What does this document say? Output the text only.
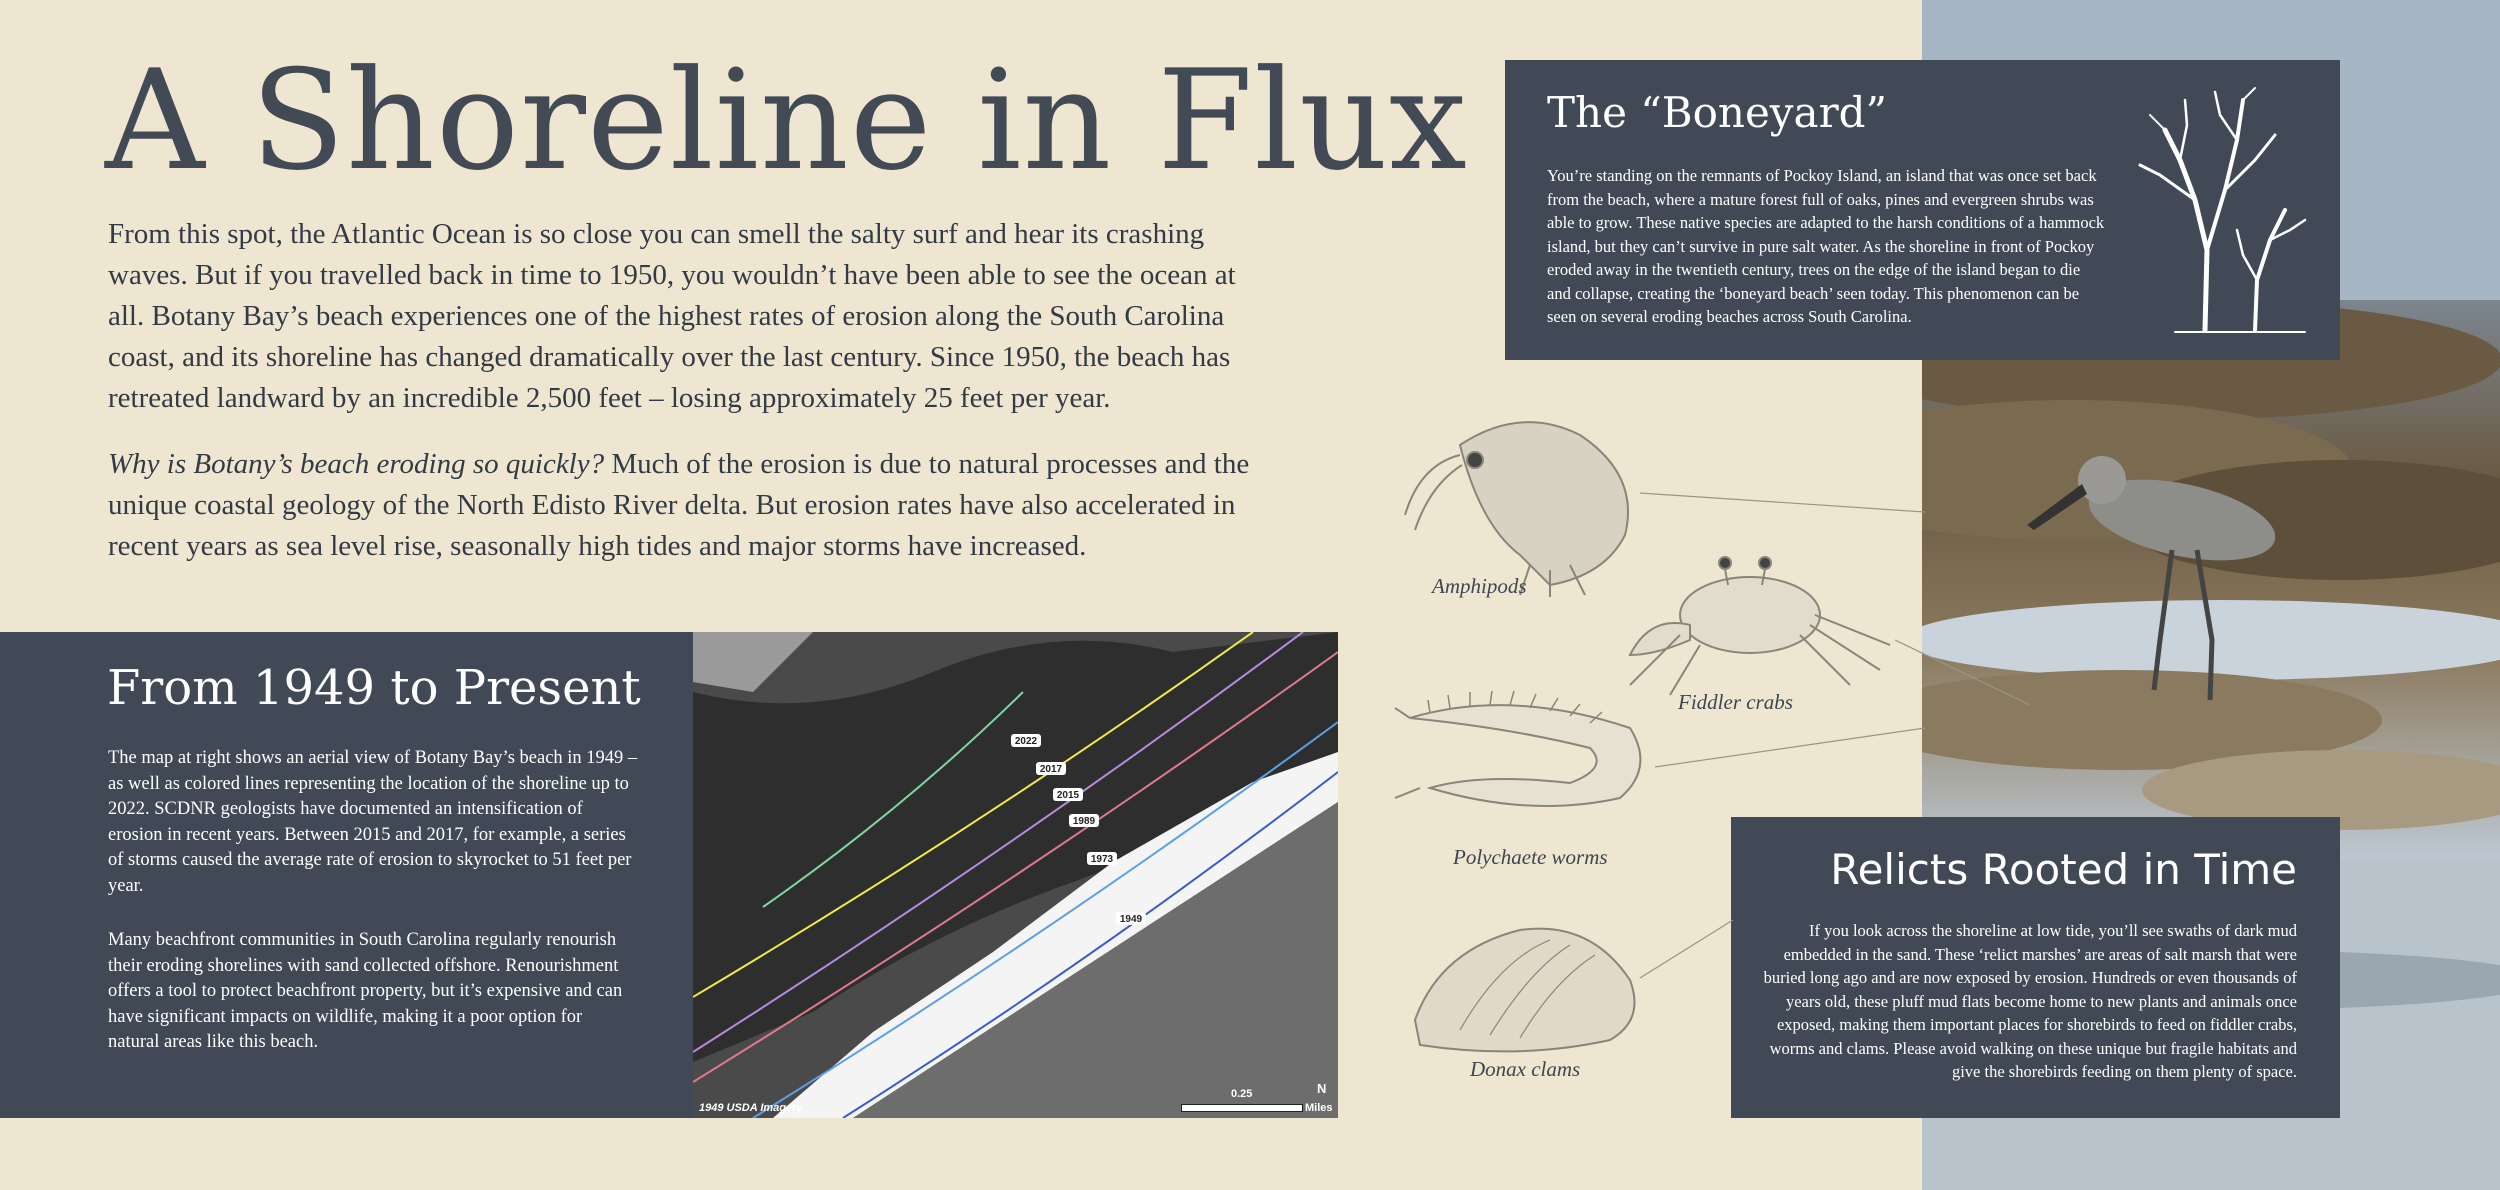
A Shoreline in Flux

From this spot, the Atlantic Ocean is so close you can smell the salty surf and hear its crashing waves. But if you travelled back in time to 1950, you wouldn’t have been able to see the ocean at all. Botany Bay’s beach experiences one of the highest rates of erosion along the South Carolina coast, and its shoreline has changed dramatically over the last century. Since 1950, the beach has retreated landward by an incredible 2,500 feet – losing approximately 25 feet per year.

Why is Botany’s beach eroding so quickly? Much of the erosion is due to natural processes and the unique coastal geology of the North Edisto River delta. But erosion rates have also accelerated in recent years as sea level rise, seasonally high tides and major storms have increased.

The “Boneyard”

You’re standing on the remnants of Pockoy Island, an island that was once set back from the beach, where a mature forest full of oaks, pines and evergreen shrubs was able to grow. These native species are adapted to the harsh conditions of a hammock island, but they can’t survive in pure salt water. As the shoreline in front of Pockoy eroded away in the twentieth century, trees on the edge of the island began to die and collapse, creating the ‘boneyard beach’ seen today. This phenomenon can be seen on several eroding beaches across South Carolina.

From 1949 to Present

The map at right shows an aerial view of Botany Bay’s beach in 1949 – as well as colored lines representing the location of the shoreline up to 2022. SCDNR geologists have documented an intensification of erosion in recent years. Between 2015 and 2017, for example, a series of storms caused the average rate of erosion to skyrocket to 51 feet per year.

Many beachfront communities in South Carolina regularly renourish their eroding shorelines with sand collected offshore. Renourishment offers a tool to protect beachfront property, but it’s expensive and can have significant impacts on wildlife, making it a poor option for natural areas like this beach.

2022
2017
2015
1989
1973
1949
1949 USDA Imagery
0.25
Miles
N
Relicts Rooted in Time

If you look across the shoreline at low tide, you’ll see swaths of dark mud embedded in the sand. These ‘relict marshes’ are areas of salt marsh that were buried long ago and are now exposed by erosion. Hundreds or even thousands of years old, these pluff mud flats become home to new plants and animals once exposed, making them important places for shorebirds to feed on fiddler crabs, worms and clams. Please avoid walking on these unique but fragile habitats and give the shorebirds feeding on them plenty of space.

Amphipods
Fiddler crabs
Polychaete worms
Donax clams
